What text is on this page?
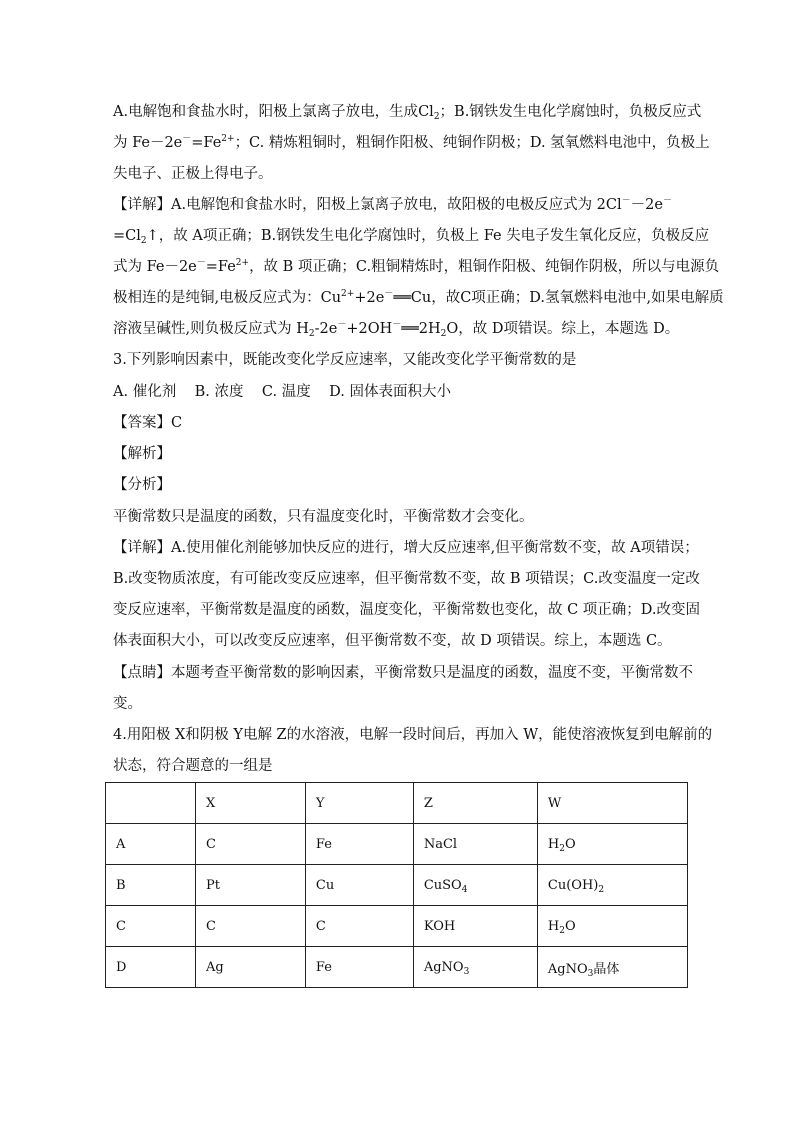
A.电解饱和食盐水时，阳极上氯离子放电，生成$Cl_2$；B.钢铁发生电化学腐蚀时，负极反应式
为 $Fe-2e^-=Fe^{2+}$；C. 精炼粗铜时，粗铜作阳极、纯铜作阴极；D. 氢氧燃料电池中，负极上
失电子、正极上得电子。
【详解】A.电解饱和食盐水时，阳极上氯离子放电，故阳极的电极反应式为 2Cl－－2e－
$=Cl_2↑$，故 A项正确；B.钢铁发生电化学腐蚀时，负极上 Fe 失电子发生氧化反应，负极反应
式为 $Fe-2e^-=Fe^{2+}$，故 B 项正确；C.粗铜精炼时，粗铜作阳极、纯铜作阴极，所以与电源负
极相连的是纯铜,电极反应式为：$Cu^{2+}+2e^-══Cu$，故C项正确；D.氢氧燃料电池中,如果电解质
溶液呈碱性,则负极反应式为 $H_2-2e^-+2OH^-══2H_2O$，故 D项错误。综上，本题选 D。
3.下列影响因素中，既能改变化学反应速率，又能改变化学平衡常数的是
A. 催化剂    B. 浓度    C. 温度    D. 固体表面积大小
【答案】C
【解析】
【分析】
平衡常数只是温度的函数，只有温度变化时，平衡常数才会变化。
【详解】A.使用催化剂能够加快反应的进行，增大反应速率,但平衡常数不变，故 A项错误；
B.改变物质浓度，有可能改变反应速率，但平衡常数不变，故 B 项错误；C.改变温度一定改
变反应速率，平衡常数是温度的函数，温度变化，平衡常数也变化，故 C 项正确；D.改变固
体表面积大小，可以改变反应速率，但平衡常数不变，故 D 项错误。综上，本题选 C。
【点睛】本题考查平衡常数的影响因素，平衡常数只是温度的函数，温度不变，平衡常数不
变。
4.用阳极 X和阴极 Y电解 Z的水溶液，电解一段时间后，再加入 W，能使溶液恢复到电解前的
状态，符合题意的一组是
	X	Y	Z	W
A	C	Fe	NaCl	$H_2O$
B	Pt	Cu	CuSO$_4$	$Cu(OH)_2$
C	C	C	KOH	$H_2O$
D	Ag	Fe	AgNO$_3$	AgNO$_3$晶体
